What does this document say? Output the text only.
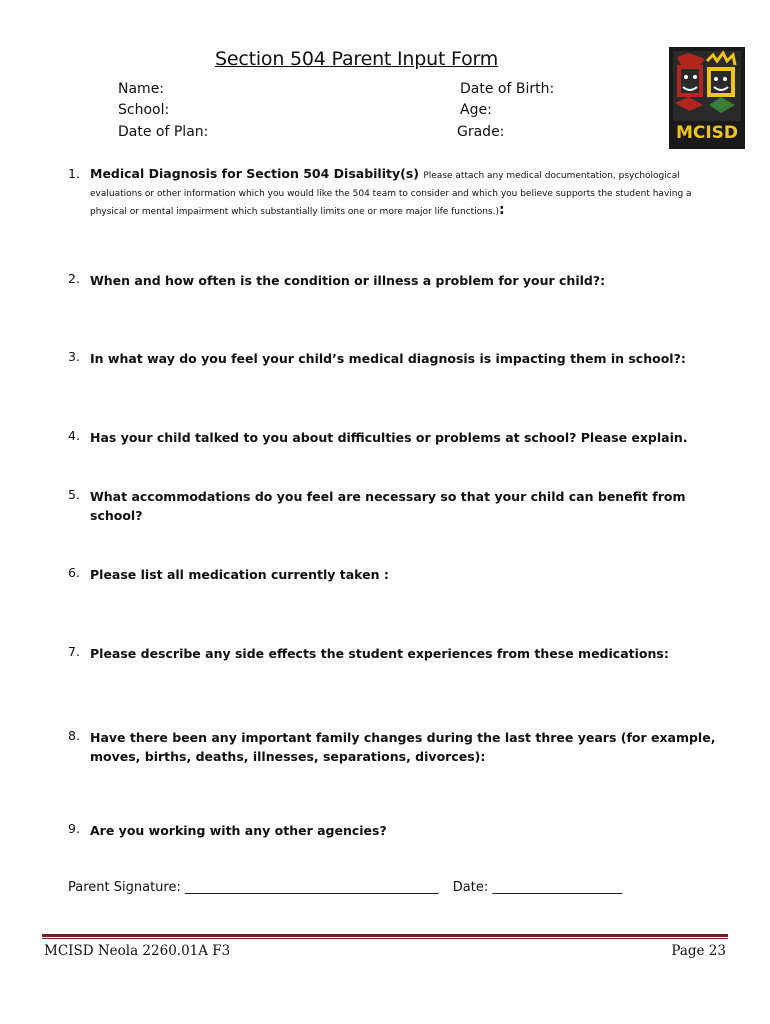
Section 504 Parent Input Form
Name:
School:
Date of Plan:
Date of Birth:
Age:
Grade:	MCISD
1. Medical Diagnosis for Section 504 Disability(s) Please attach any medical documentation, psychological evaluations or other information which you would like the 504 team to consider and which you believe supports the student having a physical or mental impairment which substantially limits one or more major life functions.):
2. When and how often is the condition or illness a problem for your child?:
3. In what way do you feel your child’s medical diagnosis is impacting them in school?:
4. Has your child talked to you about difficulties or problems at school? Please explain.
5. What accommodations do you feel are necessary so that your child can benefit from school?
6. Please list all medication currently taken :
7. Please describe any side effects the student experiences from these medications:
8. Have there been any important family changes during the last three years (for example, moves, births, deaths, illnesses, separations, divorces):
9. Are you working with any other agencies?
Parent Signature: _______________________________________ Date: ____________________
MCISD Neola 2260.01A F3	Page 23
